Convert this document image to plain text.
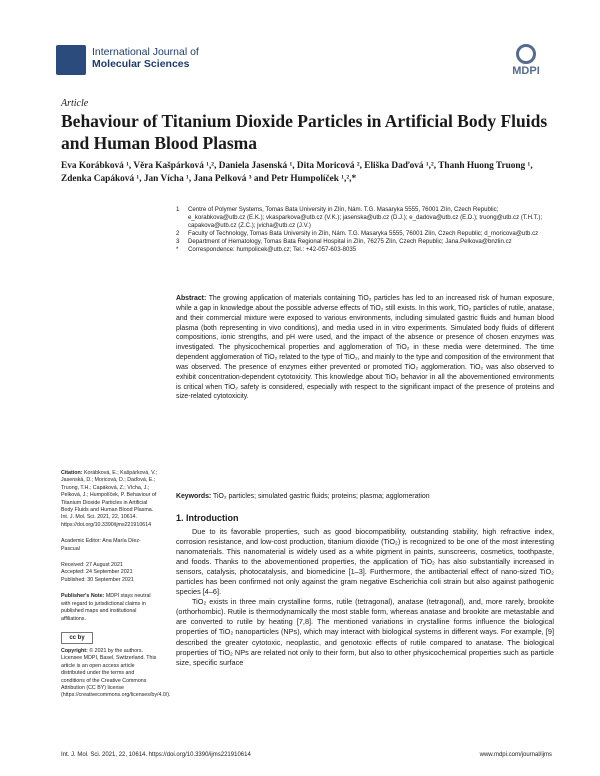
International Journal of
Molecular Sciences
MDPI
Article
Behaviour of Titanium Dioxide Particles in Artificial Body Fluids and Human Blood Plasma
Eva Korábková ¹, Věra Kašpárková ¹,², Daniela Jasenská ¹, Dita Moricová ², Eliška Daďová ¹,², Thanh Huong Truong ¹, Zdenka Capáková ¹, Jan Vícha ¹, Jana Pelková ³ and Petr Humpolíček ¹,²,*
1 Centre of Polymer Systems, Tomas Bata University in Zlín, Nám. T.G. Masaryka 5555, 76001 Zlín, Czech Republic; e_korabkova@utb.cz (E.K.); vkasparkova@utb.cz (V.K.); jasenska@utb.cz (D.J.); e_dadova@utb.cz (E.D.); truong@utb.cz (T.H.T.); capakova@utb.cz (Z.C.); jvicha@utb.cz (J.V.)
2 Faculty of Technology, Tomas Bata University in Zlín, Nám. T.G. Masaryka 5555, 76001 Zlín, Czech Republic; d_moricova@utb.cz
3 Department of Hematology, Tomas Bata Regional Hospital in Zlín, 76275 Zlín, Czech Republic; Jana.Pelkova@bnzlin.cz
* Correspondence: humpolicek@utb.cz; Tel.: +42-057-603-8035
Abstract: The growing application of materials containing TiO₂ particles has led to an increased risk of human exposure, while a gap in knowledge about the possible adverse effects of TiO₂ still exists. In this work, TiO₂ particles of rutile, anatase, and their commercial mixture were exposed to various environments, including simulated gastric fluids and human blood plasma (both representing in vivo conditions), and media used in in vitro experiments. Simulated body fluids of different compositions, ionic strengths, and pH were used, and the impact of the absence or presence of chosen enzymes was investigated. The physicochemical properties and agglomeration of TiO₂ in these media were determined. The time dependent agglomeration of TiO₂ related to the type of TiO₂, and mainly to the type and composition of the environment that was observed. The presence of enzymes either prevented or promoted TiO₂ agglomeration. TiO₂ was also observed to exhibit concentration-dependent cytotoxicity. This knowledge about TiO₂ behavior in all the abovementioned environments is critical when TiO₂ safety is considered, especially with respect to the significant impact of the presence of proteins and size-related cytotoxicity.
Keywords: TiO₂ particles; simulated gastric fluids; proteins; plasma; agglomeration
Citation: Korábková, E.; Kašpárková, V.; Jasenská, D.; Moricová, D.; Daďová, E.; Truong, T.H.; Capáková, Z.; Vícha, J.; Pelková, J.; Humpolíček, P. Behaviour of Titanium Dioxide Particles in Artificial Body Fluids and Human Blood Plasma. Int. J. Mol. Sci. 2021, 22, 10614. https://doi.org/10.3390/ijms221910614
Academic Editor: Ana María Díez-Pascual
Received: 27 August 2021
Accepted: 24 September 2021
Published: 30 September 2021
Publisher's Note: MDPI stays neutral with regard to jurisdictional claims in published maps and institutional affiliations.
cc by
Copyright: © 2021 by the authors. Licensee MDPI, Basel, Switzerland. This article is an open access article distributed under the terms and conditions of the Creative Commons Attribution (CC BY) license (https://creativecommons.org/licenses/by/4.0/).
1. Introduction

Due to its favorable properties, such as good biocompatibility, outstanding stability, high refractive index, corrosion resistance, and low-cost production, titanium dioxide (TiO₂) is recognized to be one of the most interesting nanomaterials. This nanomaterial is widely used as a white pigment in paints, sunscreens, cosmetics, toothpaste, and foods. Thanks to the abovementioned properties, the application of TiO₂ has also substantially increased in sensors, catalysis, photocatalysis, and biomedicine [1–3]. Furthermore, the antibacterial effect of nano-sized TiO₂ particles has been confirmed not only against the gram negative Escherichia coli strain but also against pathogenic species [4–6].

TiO₂ exists in three main crystalline forms, rutile (tetragonal), anatase (tetragonal), and, more rarely, brookite (orthorhombic). Rutile is thermodynamically the most stable form, whereas anatase and brookite are metastable and are converted to rutile by heating [7,8]. The mentioned variations in crystalline forms influence the biological properties of TiO₂ nanoparticles (NPs), which may interact with biological systems in different ways. For example, [9] described the greater cytotoxic, neoplastic, and genotoxic effects of rutile compared to anatase. The biological properties of TiO₂ NPs are related not only to their form, but also to other physicochemical properties such as particle size, specific surface

Int. J. Mol. Sci. 2021, 22, 10614. https://doi.org/10.3390/ijms221910614	www.mdpi.com/journal/ijms
